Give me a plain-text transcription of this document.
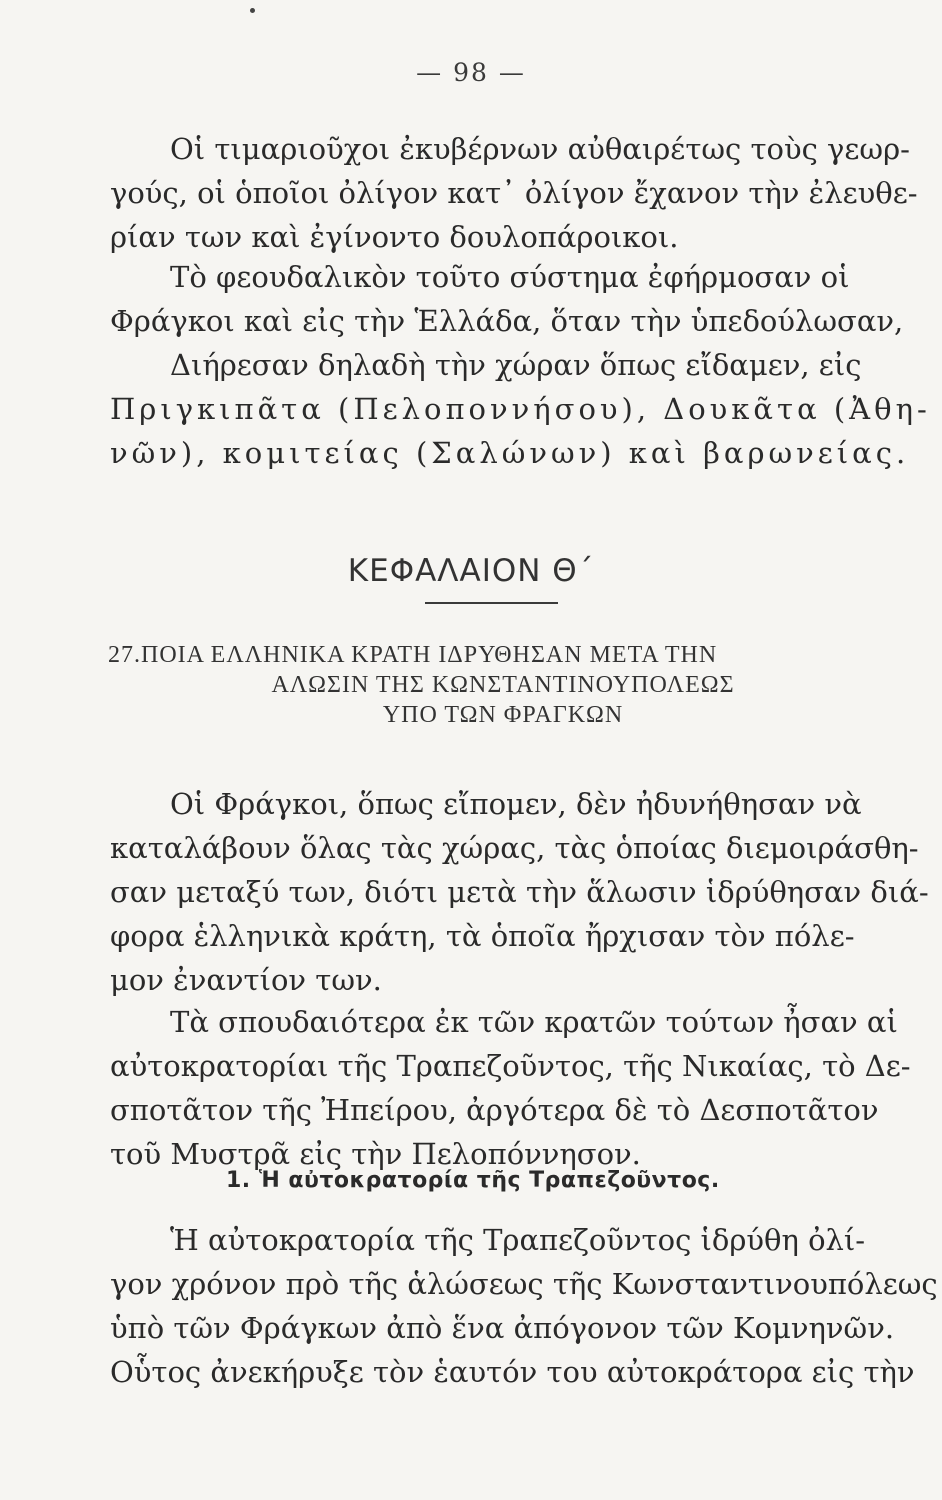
— 98 —
Οἱ τιμαριοῦχοι ἐκυβέρνων αὐθαιρέτως τοὺς γεωρ-
γούς, οἱ ὁποῖοι ὀλίγον κατ᾽ ὀλίγον ἔχανον τὴν ἐλευθε-
ρίαν των καὶ ἐγίνοντο δουλοπάροικοι.
Τὸ φεουδαλικὸν τοῦτο σύστημα ἐφήρμοσαν οἱ
Φράγκοι καὶ εἰς τὴν Ἑλλάδα, ὅταν τὴν ὑπεδούλωσαν,
Διήρεσαν δηλαδὴ τὴν χώραν ὅπως εἴδαμεν, εἰς
Πριγκιπᾶτα (Πελοποννήσου), Δουκᾶτα (Ἀθη-
νῶν), κομιτείας (Σαλώνων) καὶ βαρωνείας.
ΚΕΦΑΛΑΙΟΝ Θ΄
27.ΠΟΙΑ ΕΛΛΗΝΙΚΑ ΚΡΑΤΗ ΙΔΡΥΘΗΣΑΝ ΜΕΤΑ ΤΗΝ
ΑΛΩΣΙΝ ΤΗΣ ΚΩΝΣΤΑΝΤΙΝΟΥΠΟΛΕΩΣ
ΥΠΟ ΤΩΝ ΦΡΑΓΚΩΝ
Οἱ Φράγκοι, ὅπως εἴπομεν, δὲν ἠδυνήθησαν νὰ
καταλάβουν ὅλας τὰς χώρας, τὰς ὁποίας διεμοιράσθη-
σαν μεταξύ των, διότι μετὰ τὴν ἅλωσιν ἱδρύθησαν διά-
φορα ἑλληνικὰ κράτη, τὰ ὁποῖα ἤρχισαν τὸν πόλε-
μον ἐναντίον των.
Τὰ σπουδαιότερα ἐκ τῶν κρατῶν τούτων ἦσαν αἱ
αὐτοκρατορίαι τῆς Τραπεζοῦντος, τῆς Νικαίας, τὸ Δε-
σποτᾶτον τῆς Ἠπείρου, ἀργότερα δὲ τὸ Δεσποτᾶτον
τοῦ Μυστρᾶ εἰς τὴν Πελοπόννησον.
1. Ἡ αὐτοκρατορία τῆς Τραπεζοῦντος.
Ἡ αὐτοκρατορία τῆς Τραπεζοῦντος ἱδρύθη ὀλί-
γον χρόνον πρὸ τῆς ἁλώσεως τῆς Κωνσταντινουπόλεως
ὑπὸ τῶν Φράγκων ἀπὸ ἕνα ἀπόγονον τῶν Κομνηνῶν.
Οὗτος ἀνεκήρυξε τὸν ἑαυτόν του αὐτοκράτορα εἰς τὴν
